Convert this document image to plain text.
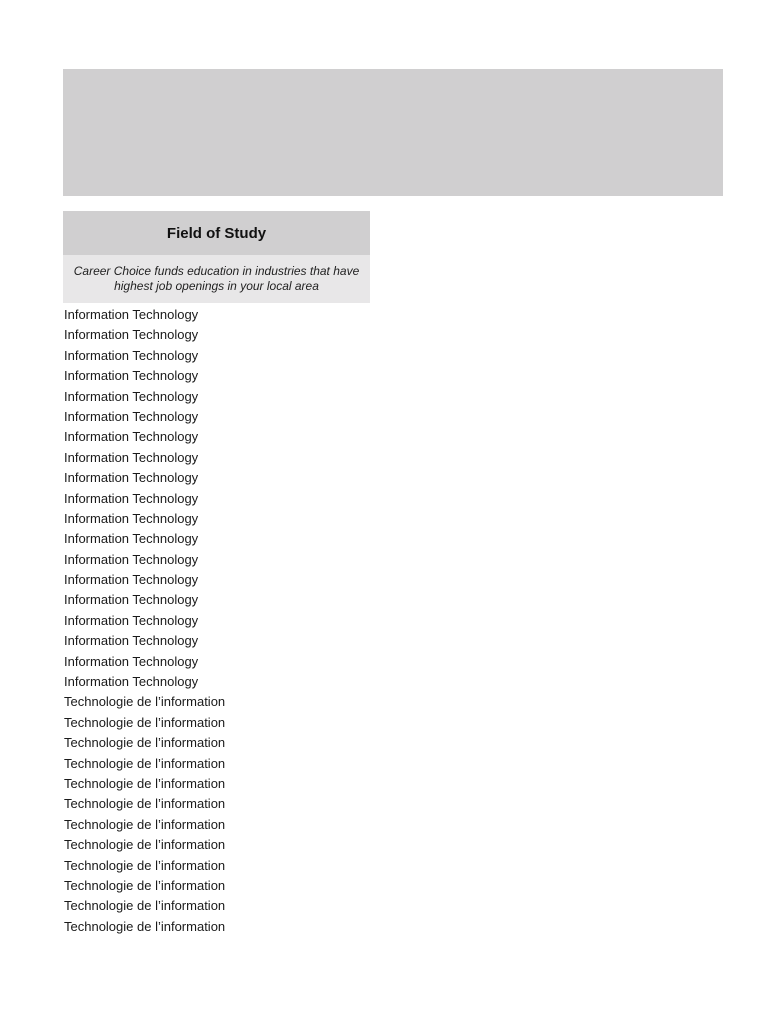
Field of Study
Career Choice funds education in industries that have highest job openings in your local area
Information Technology
Information Technology
Information Technology
Information Technology
Information Technology
Information Technology
Information Technology
Information Technology
Information Technology
Information Technology
Information Technology
Information Technology
Information Technology
Information Technology
Information Technology
Information Technology
Information Technology
Information Technology
Information Technology
Technologie de l’information
Technologie de l’information
Technologie de l’information
Technologie de l’information
Technologie de l’information
Technologie de l’information
Technologie de l’information
Technologie de l’information
Technologie de l’information
Technologie de l’information
Technologie de l’information
Technologie de l’information
